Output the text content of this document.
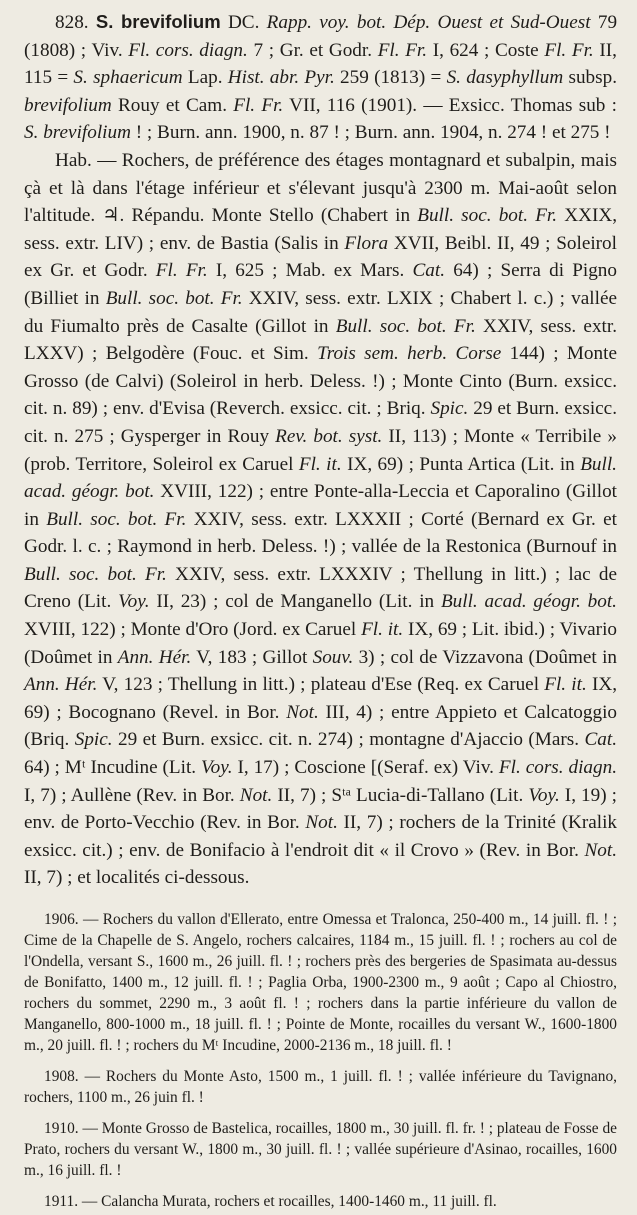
828. S. brevifolium DC. Rapp. voy. bot. Dép. Ouest et Sud-Ouest 79 (1808) ; Viv. Fl. cors. diagn. 7 ; Gr. et Godr. Fl. Fr. I, 624 ; Coste Fl. Fr. II, 115 = S. sphaericum Lap. Hist. abr. Pyr. 259 (1813) = S. dasyphyllum subsp. brevifolium Rouy et Cam. Fl. Fr. VII, 116 (1901). — Exsicc. Thomas sub : S. brevifolium ! ; Burn. ann. 1900, n. 87 ! ; Burn. ann. 1904, n. 274 ! et 275 !

Hab. — Rochers, de préférence des étages montagnard et subalpin, mais çà et là dans l'étage inférieur et s'élevant jusqu'à 2300 m. Mai-août selon l'altitude. ♃. Répandu. Monte Stello (Chabert in Bull. soc. bot. Fr. XXIX, sess. extr. LIV) ; env. de Bastia (Salis in Flora XVII, Beibl. II, 49 ; Soleirol ex Gr. et Godr. Fl. Fr. I, 625 ; Mab. ex Mars. Cat. 64) ; Serra di Pigno (Billiet in Bull. soc. bot. Fr. XXIV, sess. extr. LXIX ; Chabert l. c.) ; vallée du Fiumalto près de Casalte (Gillot in Bull. soc. bot. Fr. XXIV, sess. extr. LXXV) ; Belgodère (Fouc. et Sim. Trois sem. herb. Corse 144) ; Monte Grosso (de Calvi) (Soleirol in herb. Deless. !) ; Monte Cinto (Burn. exsicc. cit. n. 89) ; env. d'Evisa (Reverch. exsicc. cit. ; Briq. Spic. 29 et Burn. exsicc. cit. n. 275 ; Gysperger in Rouy Rev. bot. syst. II, 113) ; Monte « Terribile » (prob. Territore, Soleirol ex Caruel Fl. it. IX, 69) ; Punta Artica (Lit. in Bull. acad. géogr. bot. XVIII, 122) ; entre Ponte-alla-Leccia et Caporalino (Gillot in Bull. soc. bot. Fr. XXIV, sess. extr. LXXXII ; Corté (Bernard ex Gr. et Godr. l. c. ; Raymond in herb. Deless. !) ; vallée de la Restonica (Burnouf in Bull. soc. bot. Fr. XXIV, sess. extr. LXXXIV ; Thellung in litt.) ; lac de Creno (Lit. Voy. II, 23) ; col de Manganello (Lit. in Bull. acad. géogr. bot. XVIII, 122) ; Monte d'Oro (Jord. ex Caruel Fl. it. IX, 69 ; Lit. ibid.) ; Vivario (Doûmet in Ann. Hér. V, 183 ; Gillot Souv. 3) ; col de Vizzavona (Doûmet in Ann. Hér. V, 123 ; Thellung in litt.) ; plateau d'Ese (Req. ex Caruel Fl. it. IX, 69) ; Bocognano (Revel. in Bor. Not. III, 4) ; entre Appieto et Calcatoggio (Briq. Spic. 29 et Burn. exsicc. cit. n. 274) ; montagne d'Ajaccio (Mars. Cat. 64) ; Mᵗ Incudine (Lit. Voy. I, 17) ; Coscione [(Seraf. ex) Viv. Fl. cors. diagn. I, 7) ; Aullène (Rev. in Bor. Not. II, 7) ; Sᵗᵃ Lucia-di-Tallano (Lit. Voy. I, 19) ; env. de Porto-Vecchio (Rev. in Bor. Not. II, 7) ; rochers de la Trinité (Kralik exsicc. cit.) ; env. de Bonifacio à l'endroit dit « il Crovo » (Rev. in Bor. Not. II, 7) ; et localités ci-dessous.

1906. — Rochers du vallon d'Ellerato, entre Omessa et Traloncа, 250-400 m., 14 juill. fl. ! ; Cime de la Chapelle de S. Angelo, rochers calcaires, 1184 m., 15 juill. fl. ! ; rochers au col de l'Ondella, versant S., 1600 m., 26 juill. fl. ! ; rochers près des bergeries de Spasimata au-dessus de Bonifatto, 1400 m., 12 juill. fl. ! ; Paglia Orba, 1900-2300 m., 9 août ; Capo al Chiostro, rochers du sommet, 2290 m., 3 août fl. ! ; rochers dans la partie inférieure du vallon de Manganello, 800-1000 m., 18 juill. fl. ! ; Pointe de Monte, rocailles du versant W., 1600-1800 m., 20 juill. fl. ! ; rochers du Mᵗ Incudine, 2000-2136 m., 18 juill. fl. !

1908. — Rochers du Monte Asto, 1500 m., 1 juill. fl. ! ; vallée inférieure du Tavignano, rochers, 1100 m., 26 juin fl. !

1910. — Monte Grosso de Bastelica, rocailles, 1800 m., 30 juill. fl. fr. ! ; plateau de Fosse de Prato, rochers du versant W., 1800 m., 30 juill. fl. ! ; vallée supérieure d'Asinao, rocailles, 1600 m., 16 juill. fl. !

1911. — Calancha Murata, rochers et rocailles, 1400-1460 m., 11 juill. fl.
